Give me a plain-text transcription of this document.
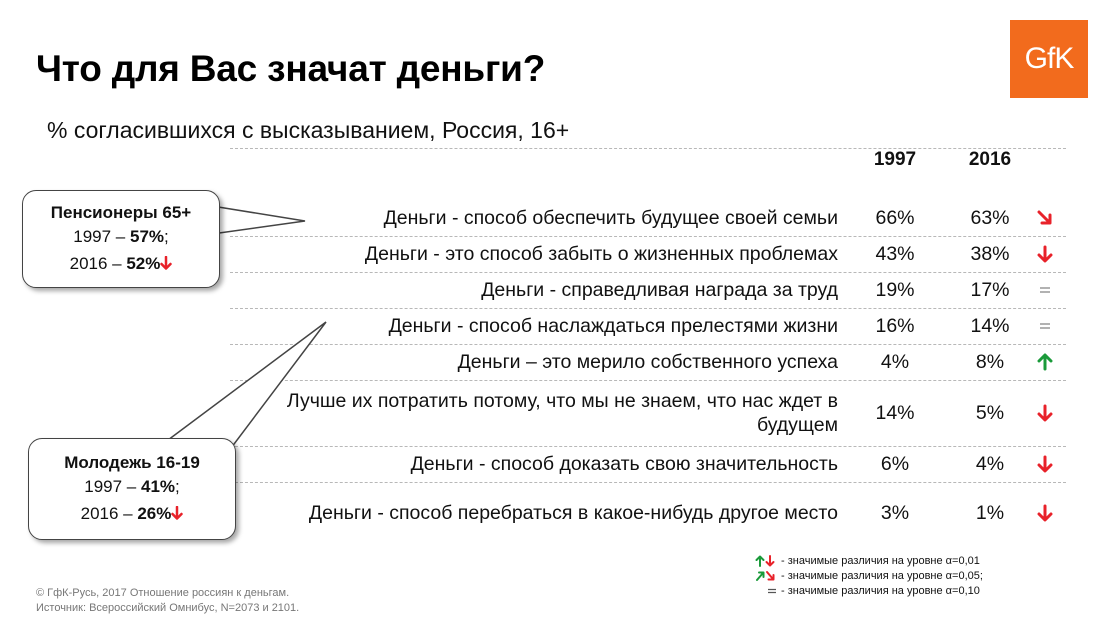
Что для Вас значат деньги?
% согласившихся с высказыванием, Россия, 16+
GfK
1997	2016
Деньги - способ обеспечить будущее своей семьи	66%	63%
Деньги - это способ забыть о жизненных проблемах	43%	38%
Деньги - справедливая награда за труд	19%	17%
Деньги - способ наслаждаться прелестями жизни	16%	14%
Деньги – это мерило собственного успеха	4%	8%
Лучше их потратить потому, что мы не знаем, что нас ждет в будущем
14%	5%
Деньги - способ доказать свою значительность	6%	4%
Деньги - способ перебраться в какое-нибудь другое место	3%	1%
Пенсионеры 65+
1997 – 57%;
2016 – 52%
Молодежь 16-19
1997 – 41%;
2016 – 26%
- значимые различия на уровне α=0,01
- значимые различия на уровне α=0,05;
- значимые различия на уровне α=0,10
© ГфК-Русь, 2017 Отношение россиян к деньгам.
Источник: Всероссийский Омнибус, N=2073 и 2101.
